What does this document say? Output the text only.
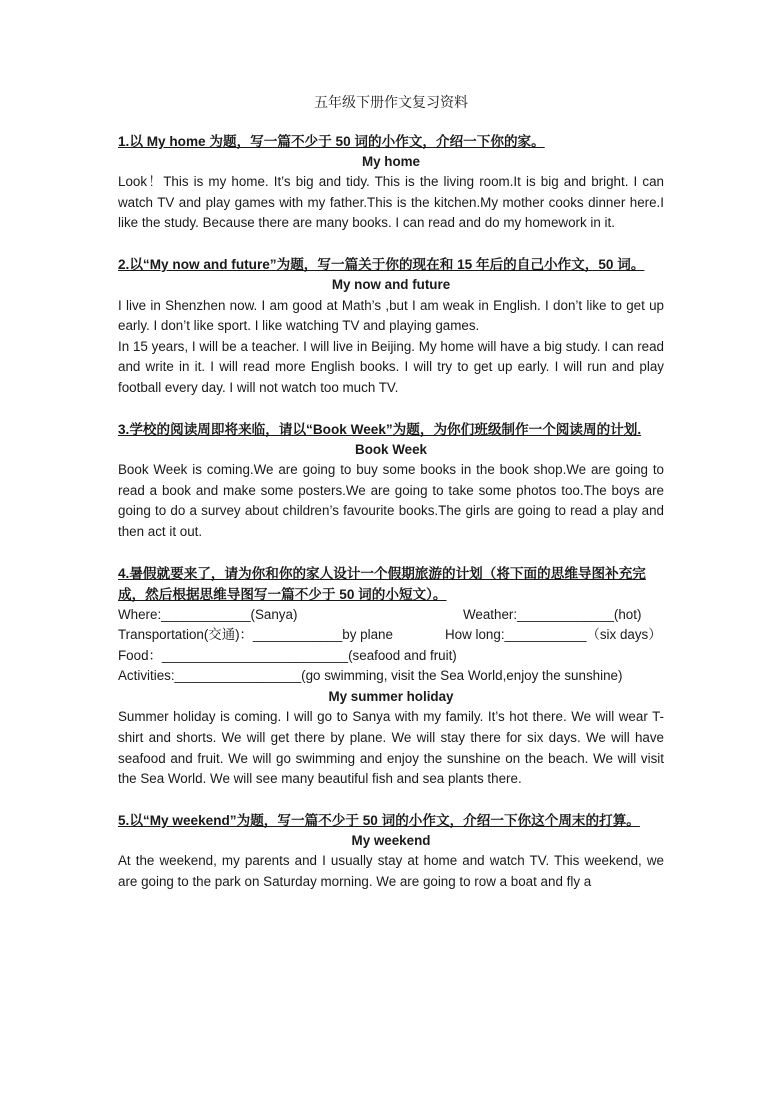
五年级下册作文复习资料
1.以 My home 为题，写一篇不少于 50 词的小作文，介绍一下你的家。
My home
Look！This is my home. It’s big and tidy. This is the living room.It is big and bright. I can watch TV and play games with my father.This is the kitchen.My mother cooks dinner here.I like the study. Because there are many books. I can read and do my homework in it.
2.以“My now and future”为题，写一篇关于你的现在和 15 年后的自己小作文，50 词。
My now and future
I live in Shenzhen now. I am good at Math’s ,but I am weak in English. I don’t like to get up early. I don’t like sport. I like watching TV and playing games.
In 15 years, I will be a teacher. I will live in Beijing. My home will have a big study. I can read and write in it. I will read more English books. I will try to get up early. I will run and play football every day. I will not watch too much TV.
3.学校的阅读周即将来临，请以“Book Week”为题，为你们班级制作一个阅读周的计划.
Book Week
Book Week is coming.We are going to buy some books in the book shop.We are going to read a book and make some posters.We are going to take some photos too.The boys are going to do a survey about children’s favourite books.The girls are going to read a play and then act it out.
4.暑假就要来了，请为你和你的家人设计一个假期旅游的计划（将下面的思维导图补充完成，然后根据思维导图写一篇不少于 50 词的小短文）。
Where:____________(Sanya)	Weather:_____________(hot)
Transportation(交通)：____________by plane	How long:___________（six days）
Food：_________________________(seafood and fruit)
Activities:_________________(go swimming, visit the Sea World,enjoy the sunshine)
My summer holiday
Summer holiday is coming. I will go to Sanya with my family. It’s hot there. We will wear T-shirt and shorts. We will get there by plane. We will stay there for six days. We will have seafood and fruit. We will go swimming and enjoy the sunshine on the beach. We will visit the Sea World. We will see many beautiful fish and sea plants there.
5.以“My weekend”为题，写一篇不少于 50 词的小作文，介绍一下你这个周末的打算。
My weekend
At the weekend, my parents and I usually stay at home and watch TV. This weekend, we are going to the park on Saturday morning. We are going to row a boat and fly a
